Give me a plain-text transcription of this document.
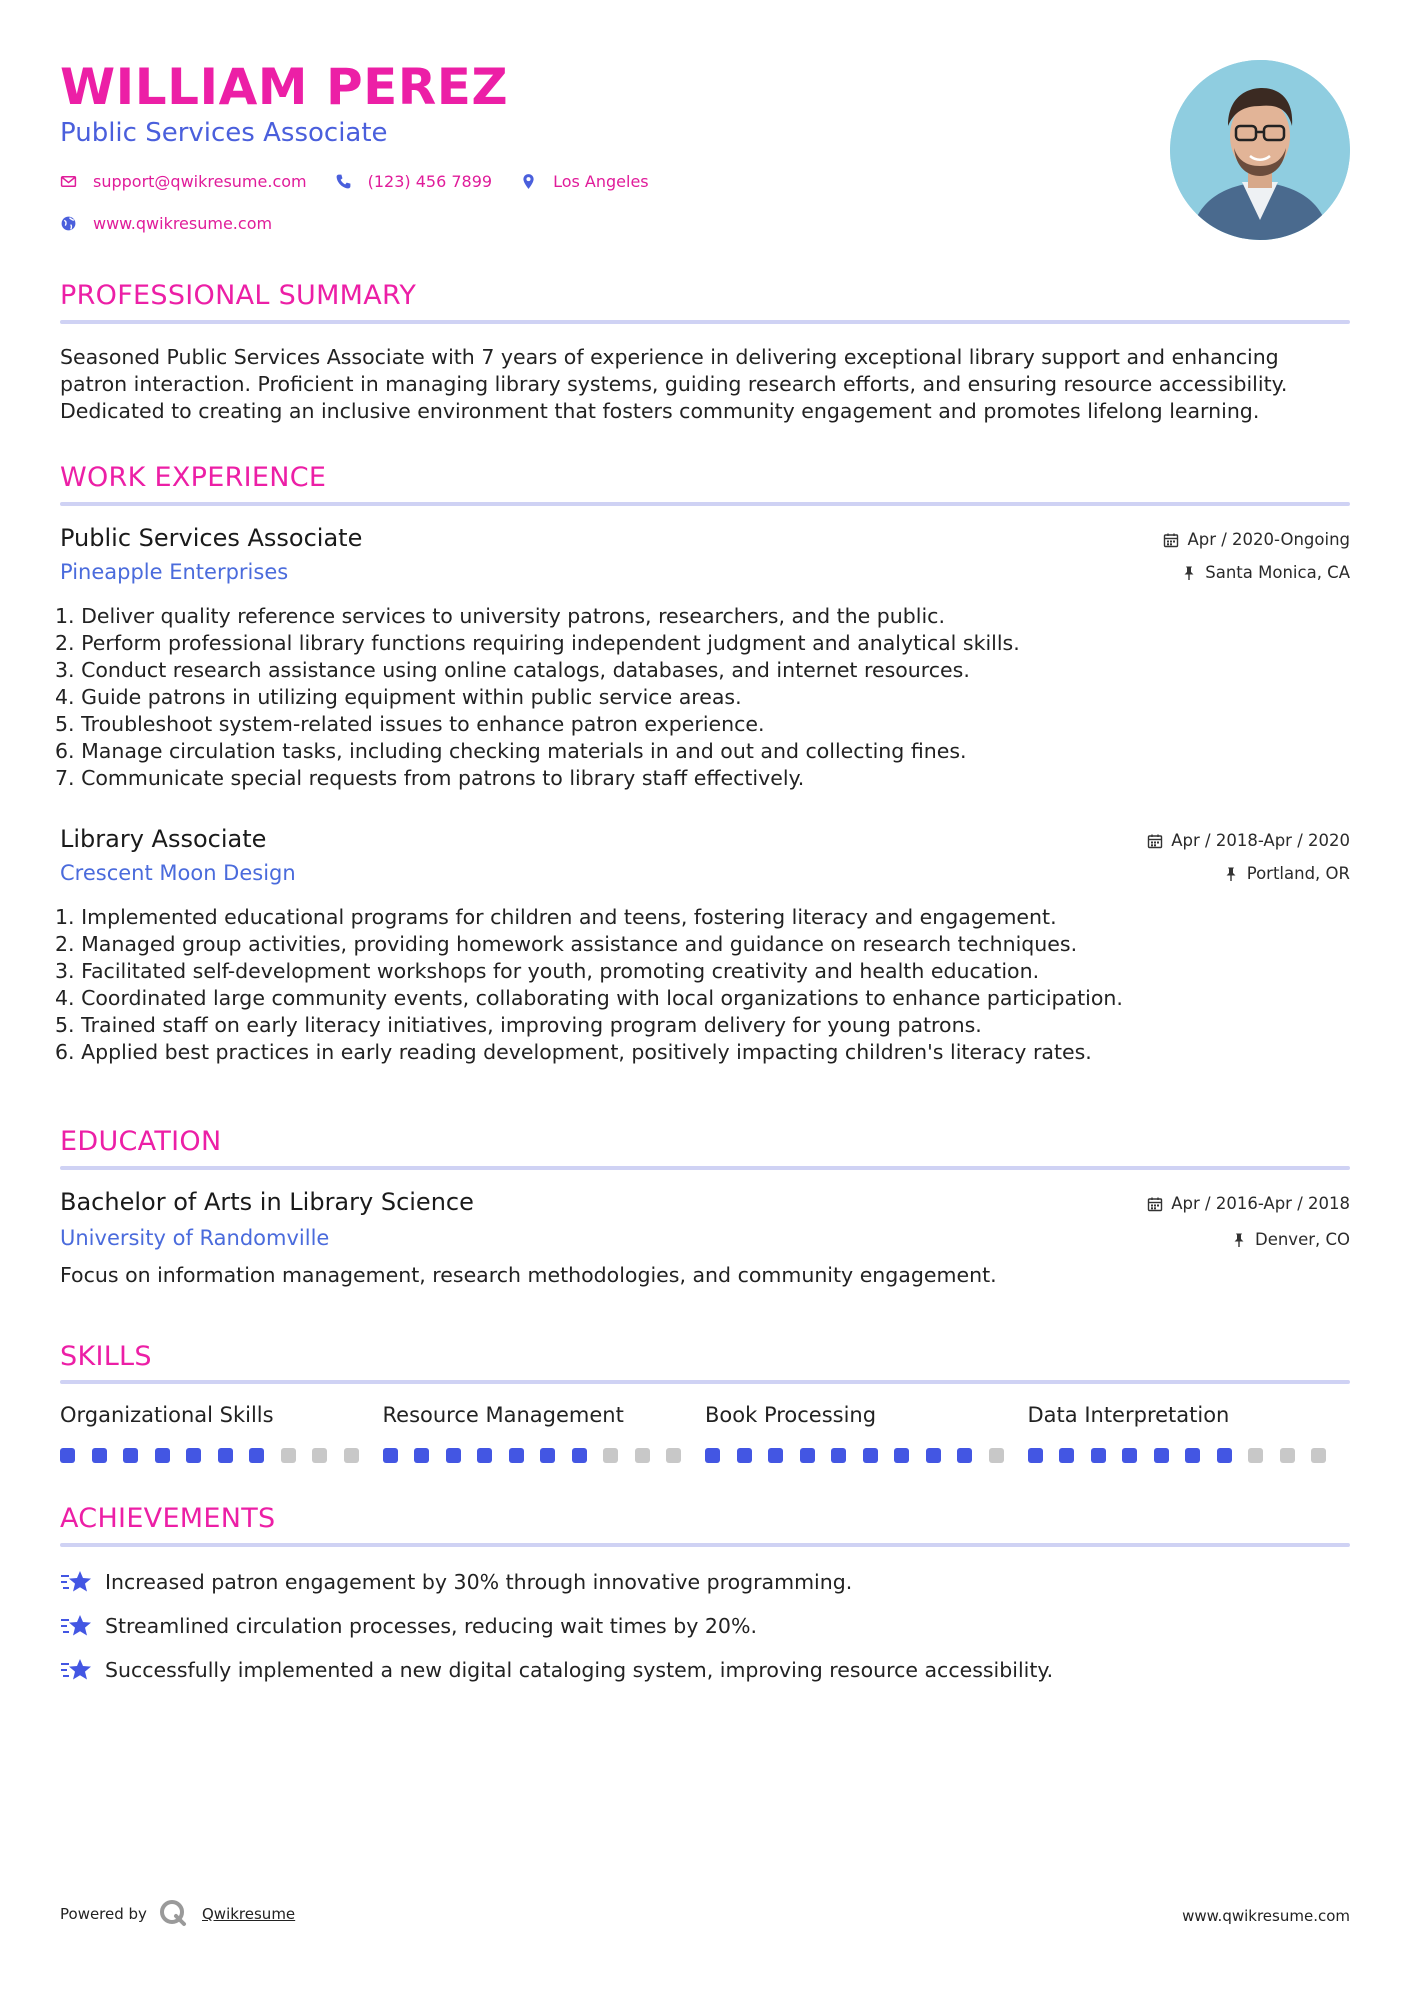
WILLIAM PEREZ
Public Services Associate
support@qwikresume.com	(123) 456 7899	Los Angeles
www.qwikresume.com
PROFESSIONAL SUMMARY
Seasoned Public Services Associate with 7 years of experience in delivering exceptional library support and enhancing
patron interaction. Proficient in managing library systems, guiding research efforts, and ensuring resource accessibility.
Dedicated to creating an inclusive environment that fosters community engagement and promotes lifelong learning.
WORK EXPERIENCE
Public Services Associate
Pineapple Enterprises
Apr / 2020-Ongoing
Santa Monica, CA
1. Deliver quality reference services to university patrons, researchers, and the public.
2. Perform professional library functions requiring independent judgment and analytical skills.
3. Conduct research assistance using online catalogs, databases, and internet resources.
4. Guide patrons in utilizing equipment within public service areas.
5. Troubleshoot system-related issues to enhance patron experience.
6. Manage circulation tasks, including checking materials in and out and collecting fines.
7. Communicate special requests from patrons to library staff effectively.
Library Associate
Crescent Moon Design
Apr / 2018-Apr / 2020
Portland, OR
1. Implemented educational programs for children and teens, fostering literacy and engagement.
2. Managed group activities, providing homework assistance and guidance on research techniques.
3. Facilitated self-development workshops for youth, promoting creativity and health education.
4. Coordinated large community events, collaborating with local organizations to enhance participation.
5. Trained staff on early literacy initiatives, improving program delivery for young patrons.
6. Applied best practices in early reading development, positively impacting children's literacy rates.
EDUCATION
Bachelor of Arts in Library Science
University of Randomville
Apr / 2016-Apr / 2018
Denver, CO
Focus on information management, research methodologies, and community engagement.
SKILLS
Organizational Skills	Resource Management	Book Processing	Data Interpretation
ACHIEVEMENTS
Increased patron engagement by 30% through innovative programming.
Streamlined circulation processes, reducing wait times by 20%.
Successfully implemented a new digital cataloging system, improving resource accessibility.
Powered by	Qwikresume	www.qwikresume.com
